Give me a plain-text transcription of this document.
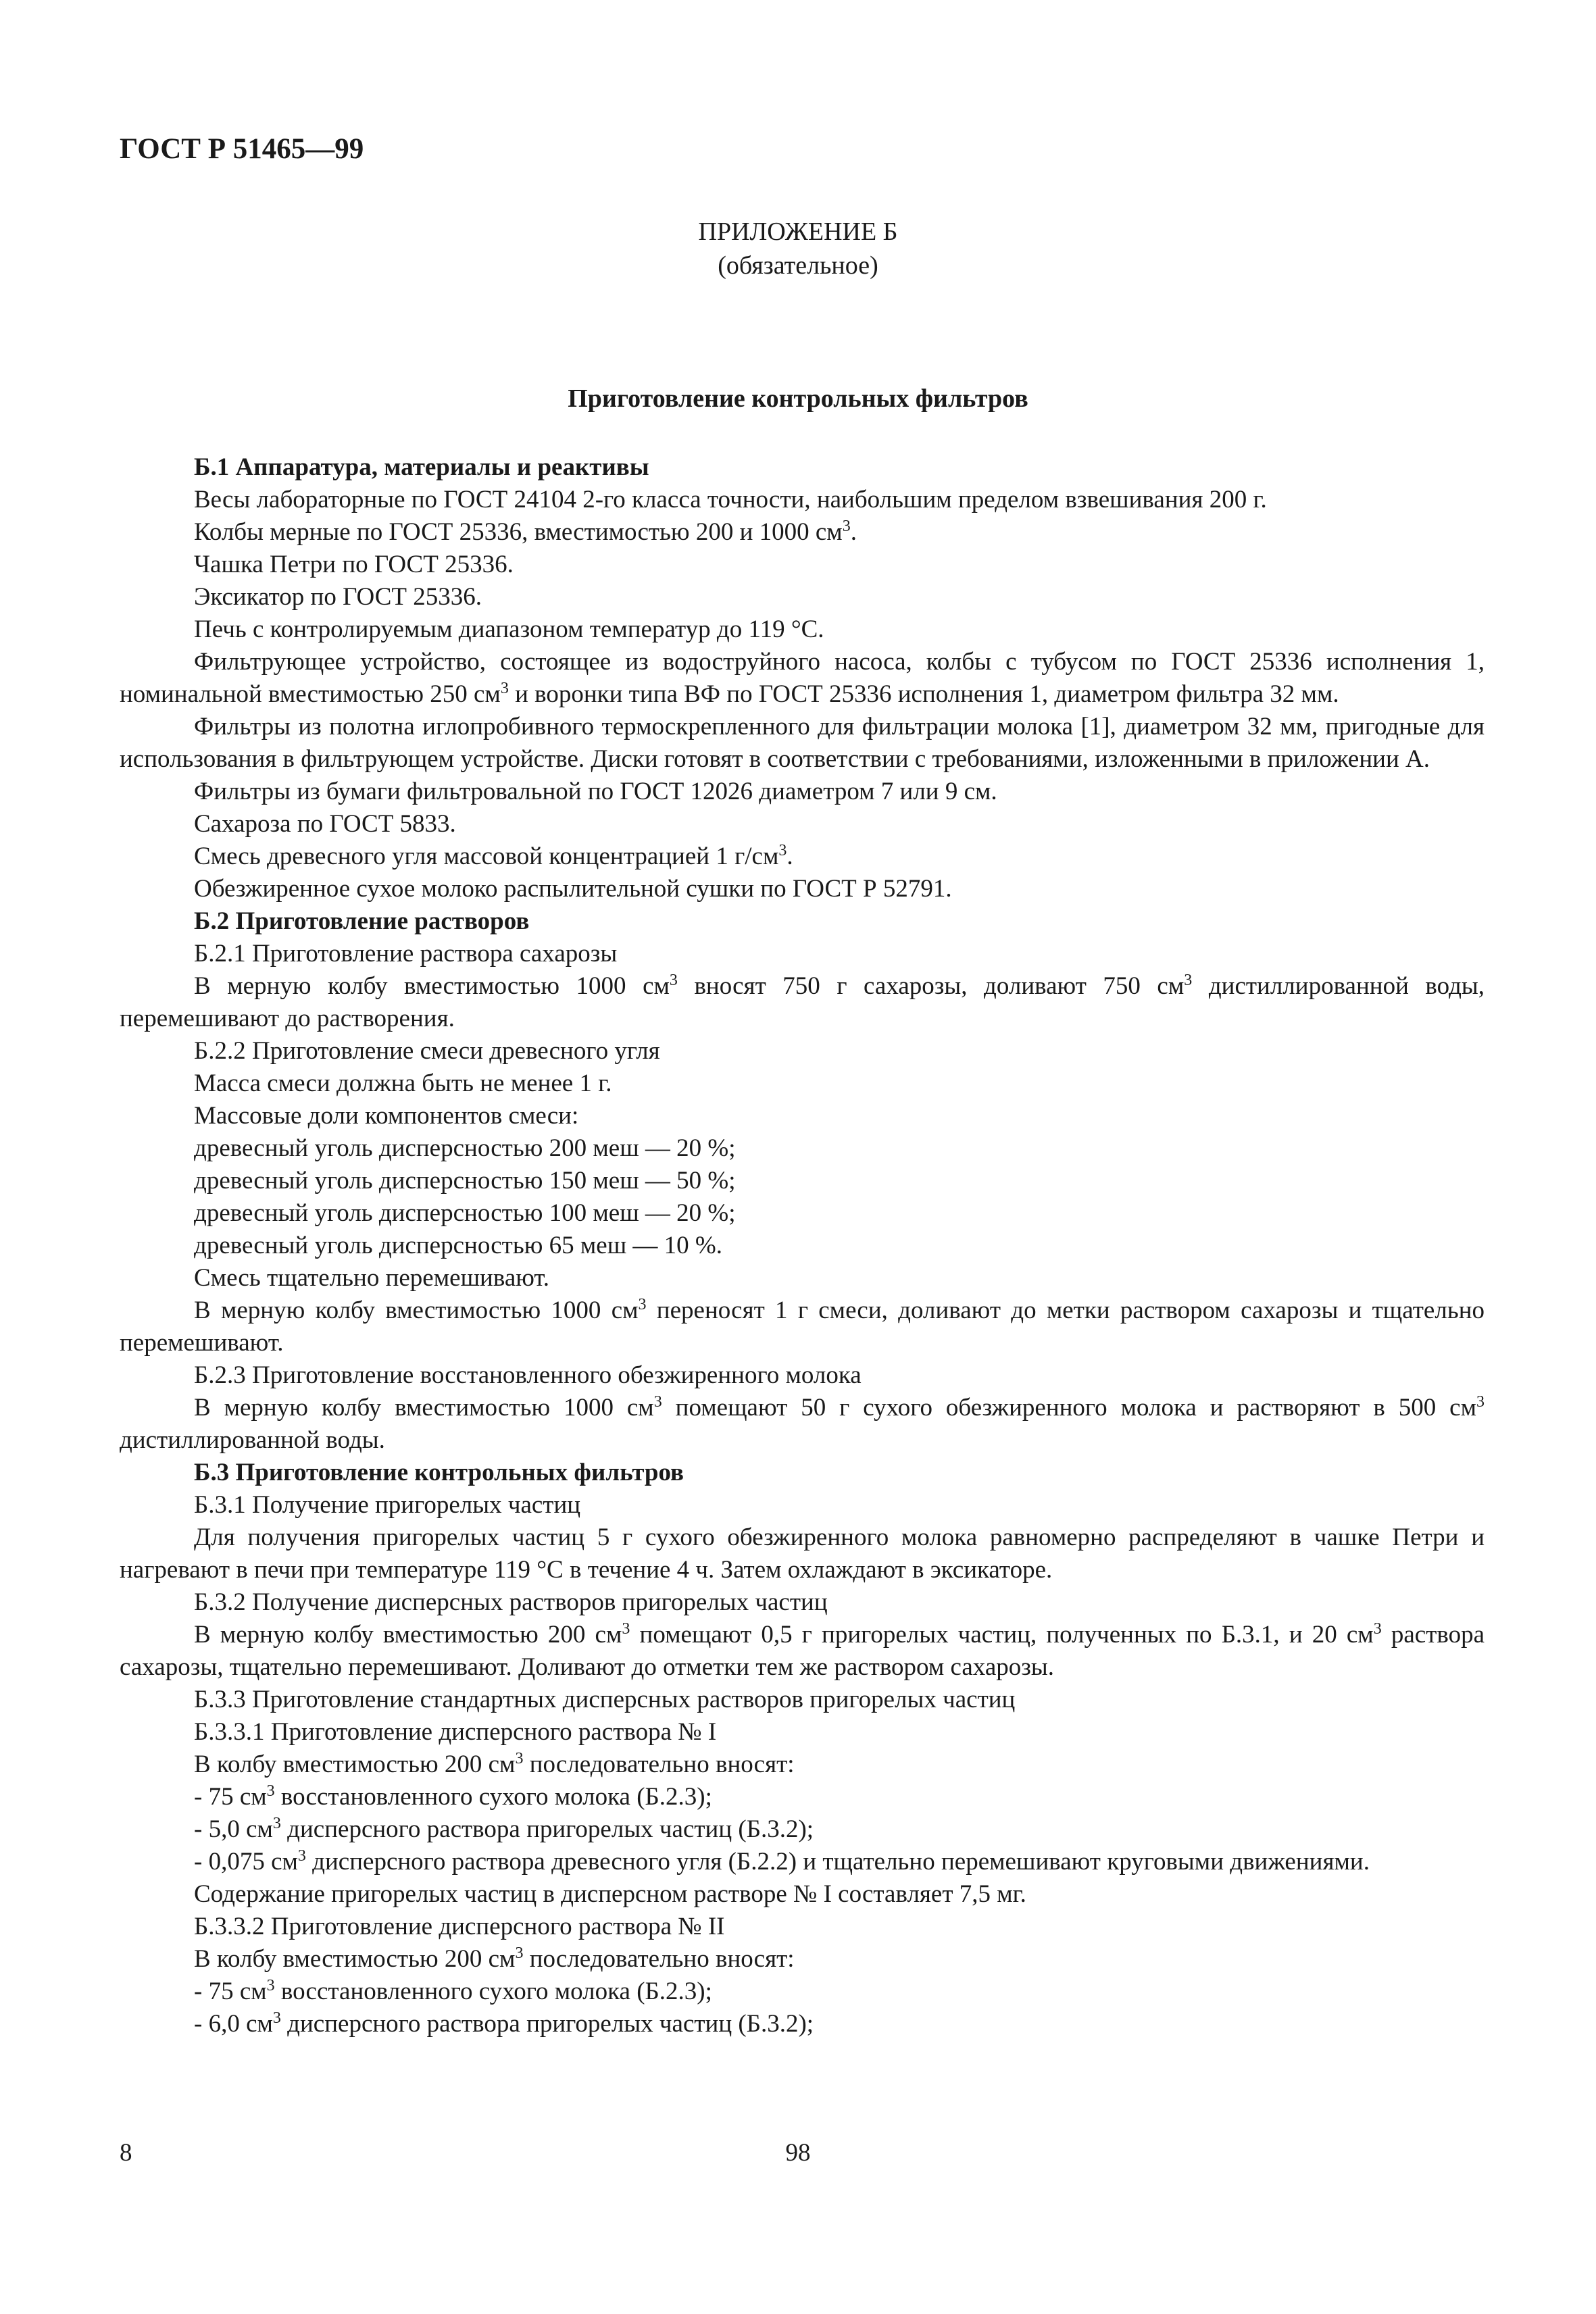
ГОСТ Р 51465—99
ПРИЛОЖЕНИЕ Б
(обязательное)
Приготовление контрольных фильтров

Б.1 Аппаратура, материалы и реактивы

Весы лабораторные по ГОСТ 24104 2-го класса точности, наибольшим пределом взвешивания 200 г.

Колбы мерные по ГОСТ 25336, вместимостью 200 и 1000 $см^3$.

Чашка Петри по ГОСТ 25336.

Эксикатор по ГОСТ 25336.

Печь с контролируемым диапазоном температур до 119 °С.

Фильтрующее устройство, состоящее из водоструйного насоса, колбы с тубусом по ГОСТ 25336 исполнения 1, номинальной вместимостью 250 $см^3$ и воронки типа ВФ по ГОСТ 25336 исполнения 1, диаметром фильтра 32 мм.

Фильтры из полотна иглопробивного термоскрепленного для фильтрации молока [1], диаметром 32 мм, пригодные для использования в фильтрующем устройстве. Диски готовят в соответствии с требованиями, изложенными в приложении А.

Фильтры из бумаги фильтровальной по ГОСТ 12026 диаметром 7 или 9 см.

Сахароза по ГОСТ 5833.

Смесь древесного угля массовой концентрацией 1 $г/см^3$.

Обезжиренное сухое молоко распылительной сушки по ГОСТ Р 52791.

Б.2 Приготовление растворов

Б.2.1 Приготовление раствора сахарозы

В мерную колбу вместимостью 1000 $см^3$ вносят 750 г сахарозы, доливают 750 $см^3$ дистиллированной воды, перемешивают до растворения.

Б.2.2 Приготовление смеси древесного угля

Масса смеси должна быть не менее 1 г.

Массовые доли компонентов смеси:

древесный уголь дисперсностью 200 меш — 20 %;

древесный уголь дисперсностью 150 меш — 50 %;

древесный уголь дисперсностью 100 меш — 20 %;

древесный уголь дисперсностью 65 меш — 10 %.

Смесь тщательно перемешивают.

В мерную колбу вместимостью 1000 $см^3$ переносят 1 г смеси, доливают до метки раствором сахарозы и тщательно перемешивают.

Б.2.3 Приготовление восстановленного обезжиренного молока

В мерную колбу вместимостью 1000 $см^3$ помещают 50 г сухого обезжиренного молока и растворяют в 500 $см^3$ дистиллированной воды.

Б.3 Приготовление контрольных фильтров

Б.3.1 Получение пригорелых частиц

Для получения пригорелых частиц 5 г сухого обезжиренного молока равномерно распределяют в чашке Петри и нагревают в печи при температуре 119 °С в течение 4 ч. Затем охлаждают в эксикаторе.

Б.3.2 Получение дисперсных растворов пригорелых частиц

В мерную колбу вместимостью 200 $см^3$ помещают 0,5 г пригорелых частиц, полученных по Б.3.1, и 20 $см^3$ раствора сахарозы, тщательно перемешивают. Доливают до отметки тем же раствором сахарозы.

Б.3.3 Приготовление стандартных дисперсных растворов пригорелых частиц

Б.3.3.1 Приготовление дисперсного раствора № I

В колбу вместимостью 200 $см^3$ последовательно вносят:

- 75 $см^3$ восстановленного сухого молока (Б.2.3);

- 5,0 $см^3$ дисперсного раствора пригорелых частиц (Б.3.2);

- 0,075 $см^3$ дисперсного раствора древесного угля (Б.2.2) и тщательно перемешивают круговыми движениями.

Содержание пригорелых частиц в дисперсном растворе № I составляет 7,5 мг.

Б.3.3.2 Приготовление дисперсного раствора № II

В колбу вместимостью 200 $см^3$ последовательно вносят:

- 75 $см^3$ восстановленного сухого молока (Б.2.3);

- 6,0 $см^3$ дисперсного раствора пригорелых частиц (Б.3.2);

8	98
